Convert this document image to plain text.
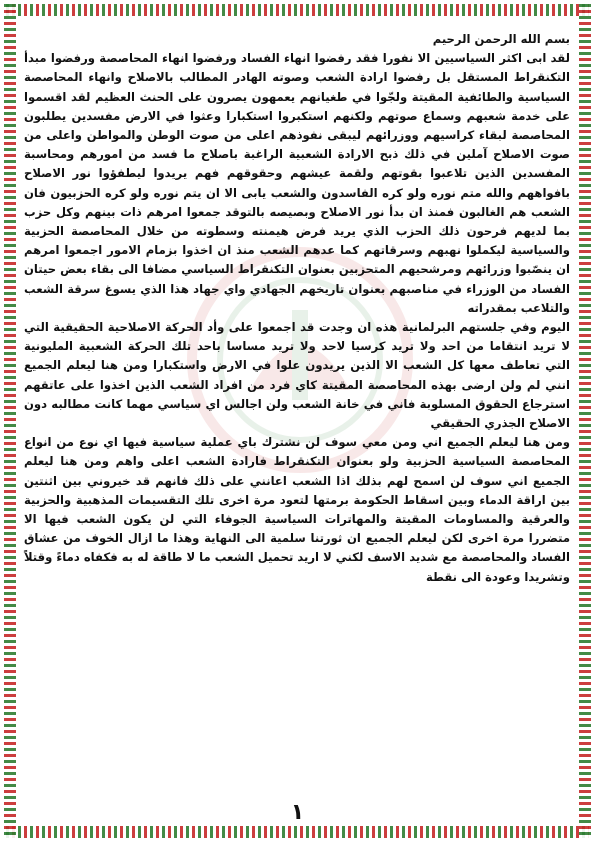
بسم الله الرحمن الرحيم

لقد ابى اكثر السياسيين الا نفورا فقد رفضوا انهاء الفساد ورفضوا انهاء المحاصصة ورفضوا مبدأ التكنقراط المستقل بل رفضوا ارادة الشعب وصوته الهادر المطالب بالاصلاح وانهاء المحاصصة السياسية والطائفية المقيتة ولجّوا في طغيانهم يعمهون يصرون على الحنث العظيم لقد اقسموا على خدمة شعبهم وسماع صوتهم ولكنهم استكبروا استكبارا وعثوا في الارض مفسدين يطلبون المحاصصة لبقاء كراسيهم ووزرائهم ليبقى نفوذهم اعلى من صوت الوطن والمواطن واعلى من صوت الاصلاح آملين في ذلك ذبح الارادة الشعبية الراغبة باصلاح ما فسد من امورهم ومحاسبة المفسدين الذين تلاعبوا بقوتهم ولقمة عيشهم وحقوقهم فهم يريدوا ليطفؤوا نور الاصلاح بافواههم والله متم نوره ولو كره الفاسدون والشعب يابى الا ان يتم نوره ولو كره الحزبيون فان الشعب هم الغالبون فمنذ ان بدأ نور الاصلاح وبصيصه بالتوقد جمعوا امرهم ذات بينهم وكل حزب بما لديهم فرحون ذلك الحزب الذي يريد فرض هيمنته وسطوته من خلال المحاصصة الحزبية والسياسية ليكملوا نهبهم وسرقاتهم كما عدهم الشعب منذ ان اخذوا بزمام الامور اجمعوا امرهم ان ينصّبوا وزرائهم ومرشحيهم المتحزبين بعنوان التكنقراط السياسي مضافا الى بقاء بعض حيتان الفساد من الوزراء في مناصبهم بعنوان تاريخهم الجهادي واي جهاد هذا الذي يسوغ سرقة الشعب والتلاعب بمقدراته

اليوم وفي جلستهم البرلمانية هذه ان وجدت قد اجمعوا على وأد الحركة الاصلاحية الحقيقية التي لا تريد انتقاما من احد ولا تريد كرسيا لاحد ولا تريد مساسا باحد تلك الحركة الشعبية المليونية التي تعاطف معها كل الشعب الا الذين يريدون علوا في الارض واستكبارا ومن هنا ليعلم الجميع انني لم ولن ارضى بهذه المحاصصة المقيتة كاي فرد من افراد الشعب الذين اخذوا على عاتقهم استرجاع الحقوق المسلوبة فاني في خانة الشعب ولن اجالس اي سياسي مهما كانت مطالبه دون الاصلاح الجذري الحقيقي

ومن هنا ليعلم الجميع اني ومن معي سوف لن نشترك باي عملية سياسية فيها اي نوع من انواع المحاصصة السياسية الحزبية ولو بعنوان التكنقراط فارادة الشعب اعلى واهم ومن هنا ليعلم الجميع اني سوف لن اسمح لهم بذلك اذا الشعب اعانني على ذلك فانهم قد خيروني بين اثنتين بين اراقة الدماء وبين اسقاط الحكومة برمتها لتعود مرة اخرى تلك التقسيمات المذهبية والحزبية والعرقية والمساومات المقيتة والمهاترات السياسية الجوفاء التي لن يكون الشعب فيها الا متضررا مرة اخرى لكن ليعلم الجميع ان ثورتنا سلمية الى النهاية وهذا ما ازال الخوف من عشاق الفساد والمحاصصة مع شديد الاسف لكني لا اريد تحميل الشعب ما لا طاقة له به فكفاه دماءً وقتلاً وتشريدا وعودة الى نقطة

١
